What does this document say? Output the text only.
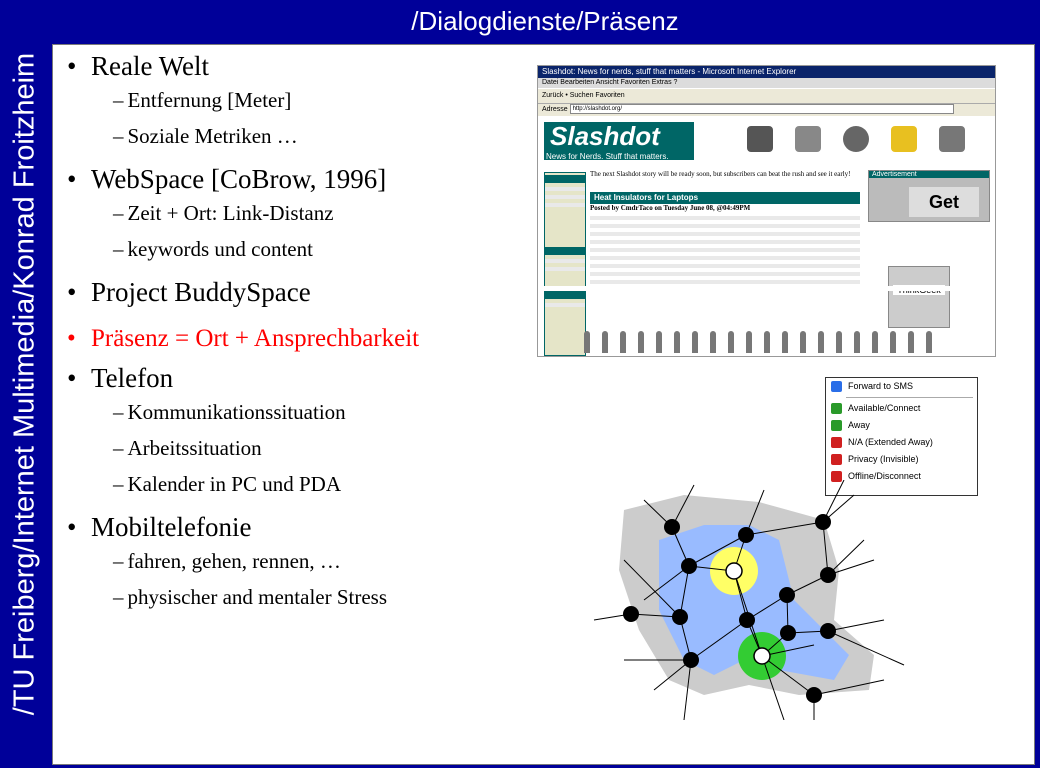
/TU Freiberg/Internet Multimedia/Konrad Froitzheim
/Dialogdienste/Präsenz
• Reale Welt
– Entfernung [Meter]
– Soziale Metriken …
• WebSpace [CoBrow, 1996]
– Zeit + Ort: Link-Distanz
– keywords und content
• Project BuddySpace
• Präsenz = Ort + Ansprechbarkeit
• Telefon
– Kommunikationssituation
– Arbeitssituation
– Kalender in PC und PDA
• Mobiltelefonie
– fahren, gehen, rennen, …
– physischer and mentaler Stress
Slashdot: News for nerds, stuff that matters - Microsoft Internet Explorer
Datei Bearbeiten Ansicht Favoriten Extras ?
Zurück • Suchen Favoriten
Adresse http://slashdot.org/
Slashdot
News for Nerds. Stuff that matters.

The next Slashdot story will be ready soon, but subscribers can beat the rush and see it early!
Heat Insulators for Laptops
Posted by CmdrTaco on Tuesday June 08, @04:49PM
Advertisement
Get
Forward to SMS
Available/Connect
Away
N/A (Extended Away)
Privacy (Invisible)
Offline/Disconnect
